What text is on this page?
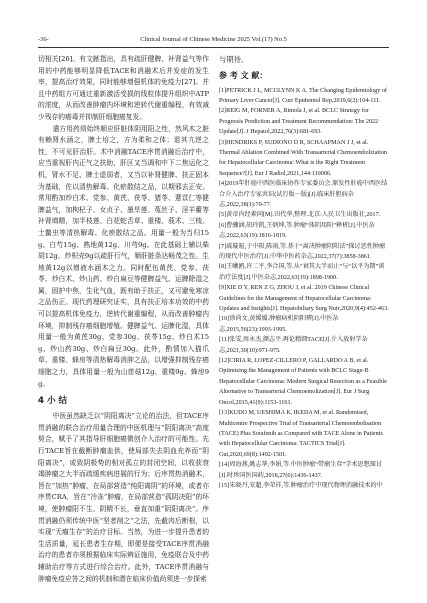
-36-	Clinical Journal of Chinese Medicine 2025 Vol.(17) No.5

切相关[26]。有文献指出，具有疏肝健脾、补肾益气等作用的中药能够明显降低TACE和消融术后并发症的发生率，提高治疗效果，同时能够增强机体的免疫力[27]。并且中药组方可通过重新激活受损的线粒体提升组织中ATP的浓度，从而改善肿瘤内环境和逆转代谢重编程，有效减少残存的癌毒并抑制肝细胞癌复发。

遣方用药须始终顺应肝脏体阴用阳之性，然风木之脏有赖肾水涵之，脾土培之，方为柔和之体；退其亢逆之性，不可见肝治肝。术中消融TACE序贯消融后治疗中，应当重视肝内正气之扶助，肝区又当调和中下二焦运化之机，肾水不足、脾土虚弱者，又当以补肾健脾、扶正固本为基础，佐以清热解毒、化瘀散结之品，以期邪去正安。常用酌加炒白术、党参、黄芪、茯苓、猪苓、薏苡仁等健脾益气，加枸杞子、女贞子、墨旱莲、菟丝子、淫羊藿等补肾填精，加半枝莲、白花蛇舌草、重楼、莪术、三棱、土鳖虫等清热解毒、化瘀散结之品。用量一般为当归15g、白芍15g、熟地黄12g、川芎9g。在此基础上辅以柴胡12g、炒枳壳9g以疏肝行气，顺肝脏条达畅茂之性。生地黄12g以增液水涵木之力。同时配伍黄芪、党参、茯苓、炒白术、炒山药、炒白扁豆等健脾益气、运脾除湿之属，固护中焦，生化气血，既有助于扶正，又可避免寒凉之品伤正。现代药理研究证实，具有扶正培本功效的中药可以提高机体免疫力，逆转代谢重编程，从而改善肿瘤内环境，抑制残存癌细胞增殖。健脾益气、运脾化湿，具体用量一般为黄芪30g、党参30g、茯苓15g、炒白术15g、炒山药30g、炒白扁豆30g。此外，酌情加入猫爪草、重楼、蜂房等清热解毒消肿之品，以增强抑制残存癌细胞之力，具体用量一般为山慈菇12g、重楼9g、蜂房9g。

4 小 结

中医虽然缺乏以“阴阳离决”立论的治法，但TACE序贯消融的联合治疗用量合理的中医机理与“阴阳离决”高度契合，赋予了其指导肝细胞癌微创介入治疗的可能性。先行TACE旨在截断肿瘤血供，使局部失去阴血充养而“阴阳离决”，或致阴极势的相对孤立的封闭空间，以收获衰竭肿瘤之大半而疏缓疾病进展的行为；后序贯热消融术，旨在“加热”肿瘤，在局部营造“纯阳离阴”的环境，或者亦序贯CRA，旨在“冷冻”肿瘤，在局部营造“孤阴决阳”的环境，使肿瘤阳不生、阴精不长，垂直加重“阴阳离决”。序贯消融仍须传统中医“坚者削之”之法，先截肉后断根，以实现“无瘤生存”的治疗目标。当然，为进一步提升患者的生活质量，延长患者生存期，即便是接受TACE序贯消融治疗的患者亦须根据临床实际辨证施用，免疫联合及中药辅助治疗等方式进行综合治疗。此外，TACE序贯消融与肿瘤免疫应答之间的机制和潜在临床价值尚须进一步探索

与期待。

参 考 文 献：
[1]PETRICK J L, MCGLYNN K A. The Changing Epidemiology of Primary Liver Cancer[J]. Curr Epidemiol Rep,2019,6(2):104-111.
[2]REIG M, FORNER A, Rimola J, et al. BCLC Strategy for Prognosis Prediction and Treatment Recommendation: The 2022 Update[J]. J Hepatol,2022,76(3):681-693.
[3]HENDRIKS P, SUDIONO D R, SCHAAPMAN J J, et al. Thermal Ablation Combined With Transarterial Chemoembolization for Hepatocellular Carcinoma: What is the Right Treatment Sequence?[J]. Eur J Radiol,2021,144:110006.
[4]2019年肝癌中西医临床协作专家委员会.原发性肝癌中西医结合介入治疗专家共识(试行版一版)[J].临床肝胆病杂志,2022,38(1):70-77.
[5]黄帝内经素问[M].田代华,整理.北京:人民卫生出版社,2017.
[6]曹骤涵,胡玲凯,王炳坤,等.肿瘤“体阴用阳”释析[J].中医杂志,2022,63(19):1816-1819.
[7]戚璇暄,于中阳,陈雨,等.基于“离决肿瘤阴阳法”探讨恶性肿瘤的现代中医治疗[J].中华中医药杂志,2022,37(7):3858-3861.
[8]王曦鸥,许二平,李合国,等.从“衰其大半而止”与“以平为期”谈治疗法度[J].中医杂志,2022,63(19):1898-1900.
[9]XIE D Y, REN Z G, ZHOU J, et al. 2019 Chinese Clinical Guidelines for the Management of Hepatocellular Carcinoma: Updates and Insights[J]. Hepatobiliary Surg Nutr,2020,9(4):452-463.
[10]徐尚文,黄媛媛.肿瘤病机阴阳辨[J].中医杂志,2015,56(23):1993-1995.
[11]张雯,周永杰,颜志平.再论精细TACE[J].介入放射学杂志,2021,30(10):971-975.
[12]CIRIA R, LOPEZ-CILLERO P, GALLARDO A B, et al. Optimizing the Management of Patients with BCLC Stage-B Hepatocellular Carcinoma: Modern Surgical Resection as a Feasible Alternative to Transarterial Chemoemolization[J]. Eur J Surg Oncol,2015,41(9):1153-1161.
[13]KUDO M, UESHIMA K, IKEDA M, et al. Randomised, Multicentre Prospective Trial of Transarterial Chemoembolisation (TACE) Plus Sorafenib as Compared with TACE Alone in Patients with Hepatocellular Carcinoma: TACTICS Trial[J]. Gut,2020,69(8):1492-1501.
[14]周海燕,姚志华,李娟,等.中医肿瘤“带瘤生存”学术思想探讨[J].时珍国医国药,2018,27(6):1436-1437.
[15]朱晓丹,安超,李荣祥,等.肿瘤治疗中现代物理消融技术的中
